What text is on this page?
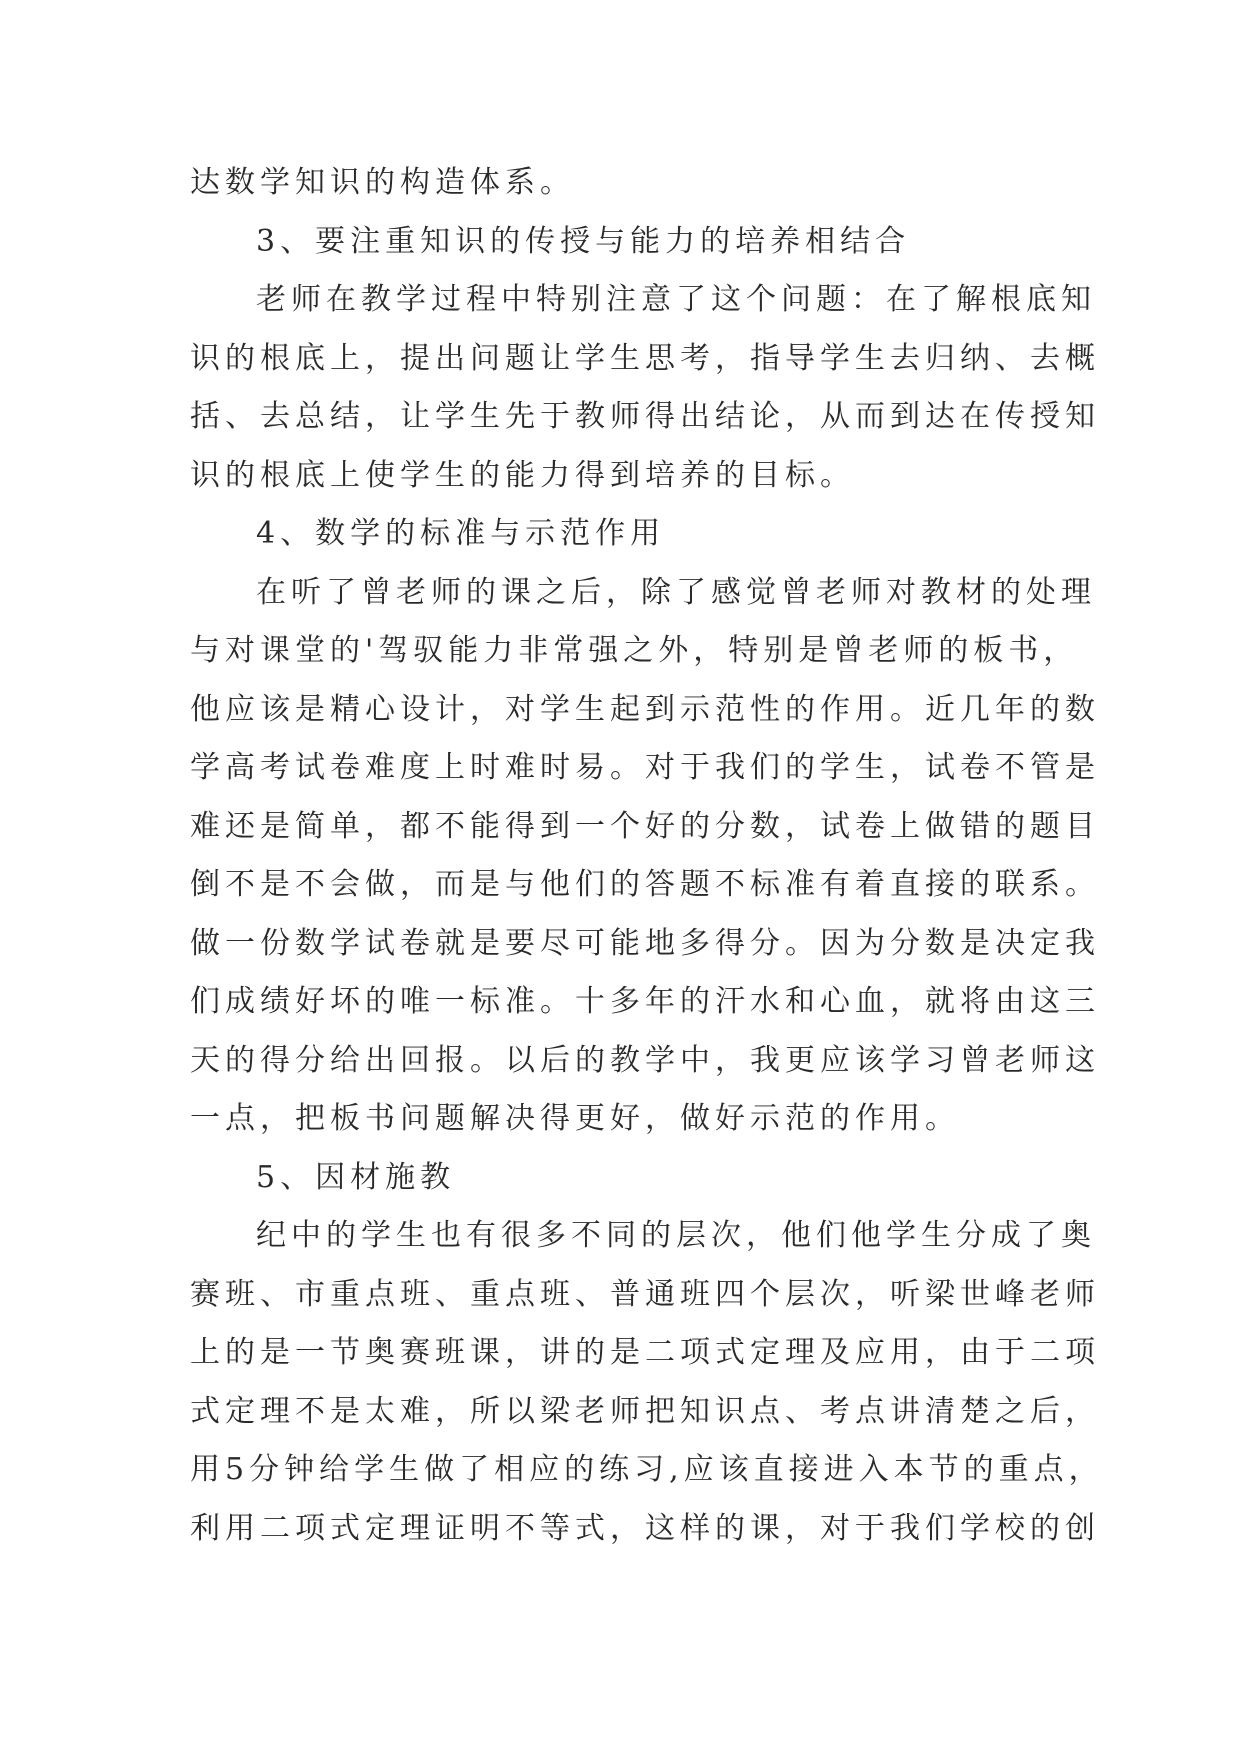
达数学知识的构造体系。
3、要注重知识的传授与能力的培养相结合
老师在教学过程中特别注意了这个问题：在了解根底知
识的根底上，提出问题让学生思考，指导学生去归纳、去概
括、去总结，让学生先于教师得出结论，从而到达在传授知
识的根底上使学生的能力得到培养的目标。
4、数学的标准与示范作用
在听了曾老师的课之后，除了感觉曾老师对教材的处理
与对课堂的'驾驭能力非常强之外，特别是曾老师的板书，
他应该是精心设计，对学生起到示范性的作用。近几年的数
学高考试卷难度上时难时易。对于我们的学生，试卷不管是
难还是简单，都不能得到一个好的分数，试卷上做错的题目
倒不是不会做，而是与他们的答题不标准有着直接的联系。
做一份数学试卷就是要尽可能地多得分。因为分数是决定我
们成绩好坏的唯一标准。十多年的汗水和心血，就将由这三
天的得分给出回报。以后的教学中，我更应该学习曾老师这
一点，把板书问题解决得更好，做好示范的作用。
5、因材施教
纪中的学生也有很多不同的层次，他们他学生分成了奥
赛班、市重点班、重点班、普通班四个层次，听梁世峰老师
上的是一节奥赛班课，讲的是二项式定理及应用，由于二项
式定理不是太难，所以梁老师把知识点、考点讲清楚之后，
用5分钟给学生做了相应的练习,应该直接进入本节的重点，
利用二项式定理证明不等式，这样的课，对于我们学校的创
